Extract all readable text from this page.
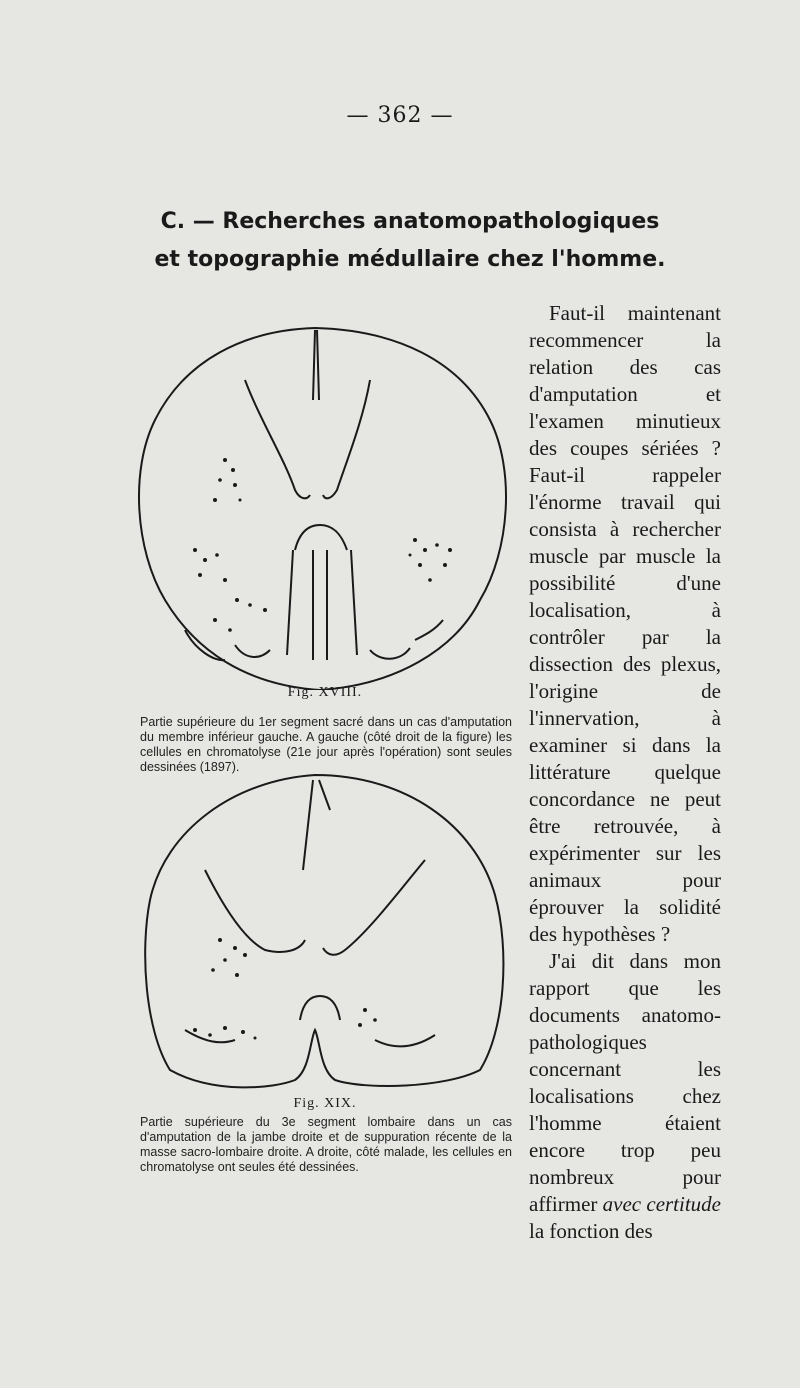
— 362 —
C. — Recherches anatomopathologiques
et topographie médullaire chez l'homme.
Fig. XVIII.

Partie supérieure du 1er segment sacré dans un cas d'amputation du membre inférieur gauche. A gauche (côté droit de la figure) les cellules en chromatolyse (21e jour après l'opération) sont seules dessinées (1897).

Fig. XIX.

Partie supérieure du 3e segment lombaire dans un cas d'amputation de la jambe droite et de suppuration récente de la masse sacro-lombaire droite. A droite, côté malade, les cellules en chromatolyse ont seules été dessinées.

Faut-il maintenant recommencer la relation des cas d'amputation et l'examen minutieux des coupes sériées ? Faut-il rappeler l'énorme travail qui consista à rechercher muscle par muscle la possibilité d'une localisation, à contrôler par la dissection des plexus, l'origine de l'innervation, à examiner si dans la littérature quelque concordance ne peut être retrouvée, à expérimenter sur les animaux pour éprouver la solidité des hypothèses ?

J'ai dit dans mon rapport que les documents anatomo-pathologiques concernant les localisations chez l'homme étaient encore trop peu nombreux pour affirmer avec certitude la fonction des
